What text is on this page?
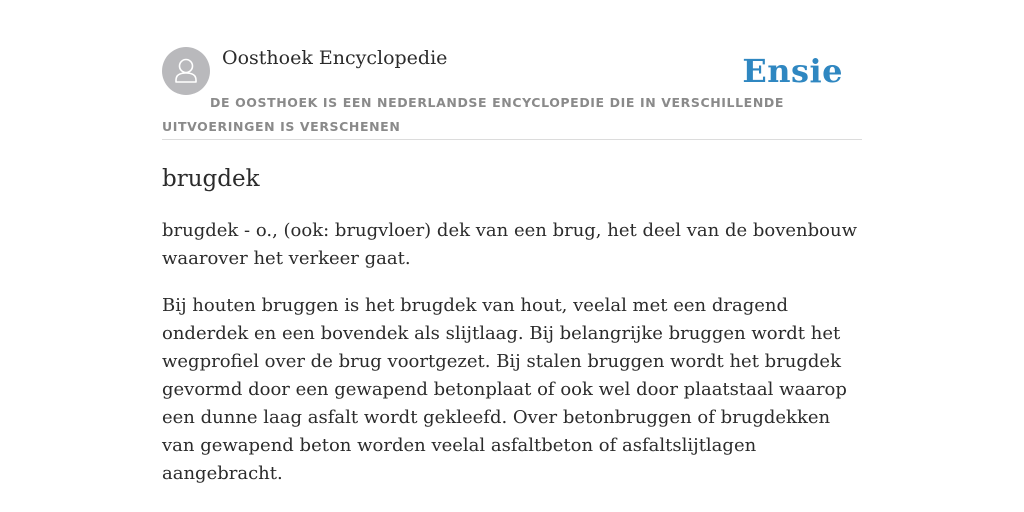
Oosthoek Encyclopedie	Ensie
DE OOSTHOEK IS EEN NEDERLANDSE ENCYCLOPEDIE DIE IN VERSCHILLENDE UITVOERINGEN IS VERSCHENEN
brugdek

brugdek - o., (ook: brugvloer) dek van een brug, het deel van de bovenbouw waarover het verkeer gaat.

Bij houten bruggen is het brugdek van hout, veelal met een dragend onderdek en een bovendek als slijtlaag. Bij belangrijke bruggen wordt het wegprofiel over de brug voortgezet. Bij stalen bruggen wordt het brugdek gevormd door een gewapend betonplaat of ook wel door plaatstaal waarop een dunne laag asfalt wordt gekleefd. Over betonbruggen of brugdekken van gewapend beton worden veelal asfaltbeton of asfaltslijtlagen aangebracht.
